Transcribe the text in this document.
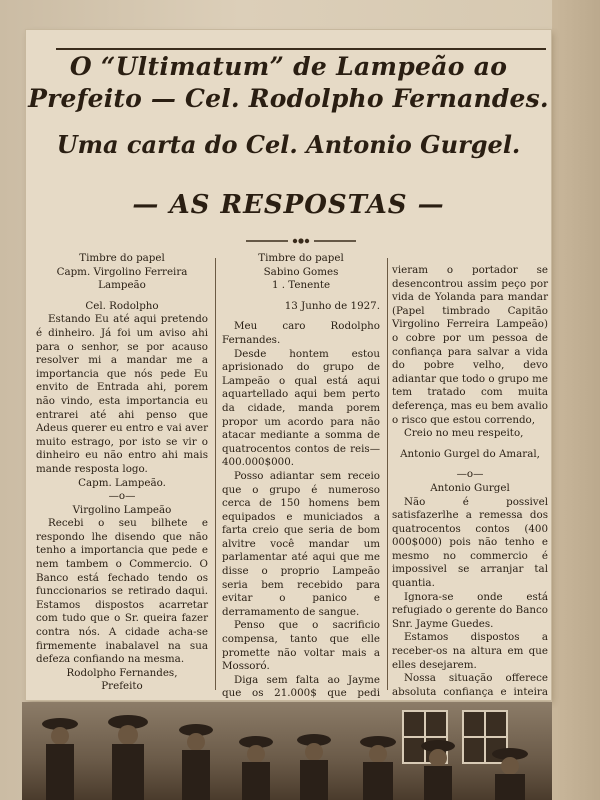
O “Ultimatum” de Lampeão ao
Prefeito — Cel. Rodolpho Fernandes.
Uma carta do Cel. Antonio Gurgel.
— AS RESPOSTAS —
Timbre do papel
Capm. Virgolino Ferreira
Lampeão
Cel. Rodolpho
Estando Eu até aqui pretendo é dinheiro. Já foi um aviso ahi para o senhor, se por acauso resolver mi a mandar me a importancia que nós pede Eu envito de Entrada ahi, porem não vindo, esta importancia eu entrarei até ahi penso que Adeus querer eu entro e vai aver muito estrago, por isto se vir o dinheiro eu não entro ahi mais mande resposta logo.
Capm. Lampeão.
—o—
Virgolino Lampeão
Recebi o seu bilhete e respondo lhe disendo que não tenho a importancia que pede e nem tambem o Commercio. O Banco está fechado tendo os funccionarios se retirado daqui. Estamos dispostos acarretar com tudo que o Sr. queira fazer contra nós. A cidade acha-se firmemente inabalavel na sua defeza confiando na mesma.
Rodolpho Fernandes,
Prefeito
Timbre do papel
Sabino Gomes
1 . Tenente
13 Junho de 1927.
Meu caro Rodolpho Fernandes.
Desde hontem estou aprisionado do grupo de Lampeão o qual está aqui aquartellado aqui bem perto da cidade, manda porem propor um acordo para não atacar mediante a somma de quatrocentos contos de reis—400.000$000.
Posso adiantar sem receio que o grupo é numeroso cerca de 150 homens bem equipados e municiados a farta creio que seria de bom alvitre você mandar um parlamentar até aqui que me disse o proprio Lampeão seria bem recebido para evitar o panico e derramamento de sangue.
Penso que o sacrificio compensa, tanto que elle promette não voltar mais a Mossoró.
Diga sem falta ao Jayme que os 21.000$ que pedi
vieram o portador se desencontrou assim peço por vida de Yolanda para mandar (Papel timbrado Capitão Virgolino Ferreira Lampeão) o cobre por um pessoa de confiança para salvar a vida do pobre velho, devo adiantar que todo o grupo me tem tratado com muita deferença, mas eu bem avalio o risco que estou correndo,
Creio no meu respeito,
Antonio Gurgel do Amaral,
—o—
Antonio Gurgel
Não é possivel satisfazerlhe a remessa dos quatrocentos contos (400 000$000) pois não tenho e mesmo no commercio é impossivel se arranjar tal quantia.
Ignora-se onde está refugiado o gerente do Banco Snr. Jayme Guedes.
Estamos dispostos a receber-os na altura em que elles desejarem.
Nossa situação offerece absoluta confiança e inteira
